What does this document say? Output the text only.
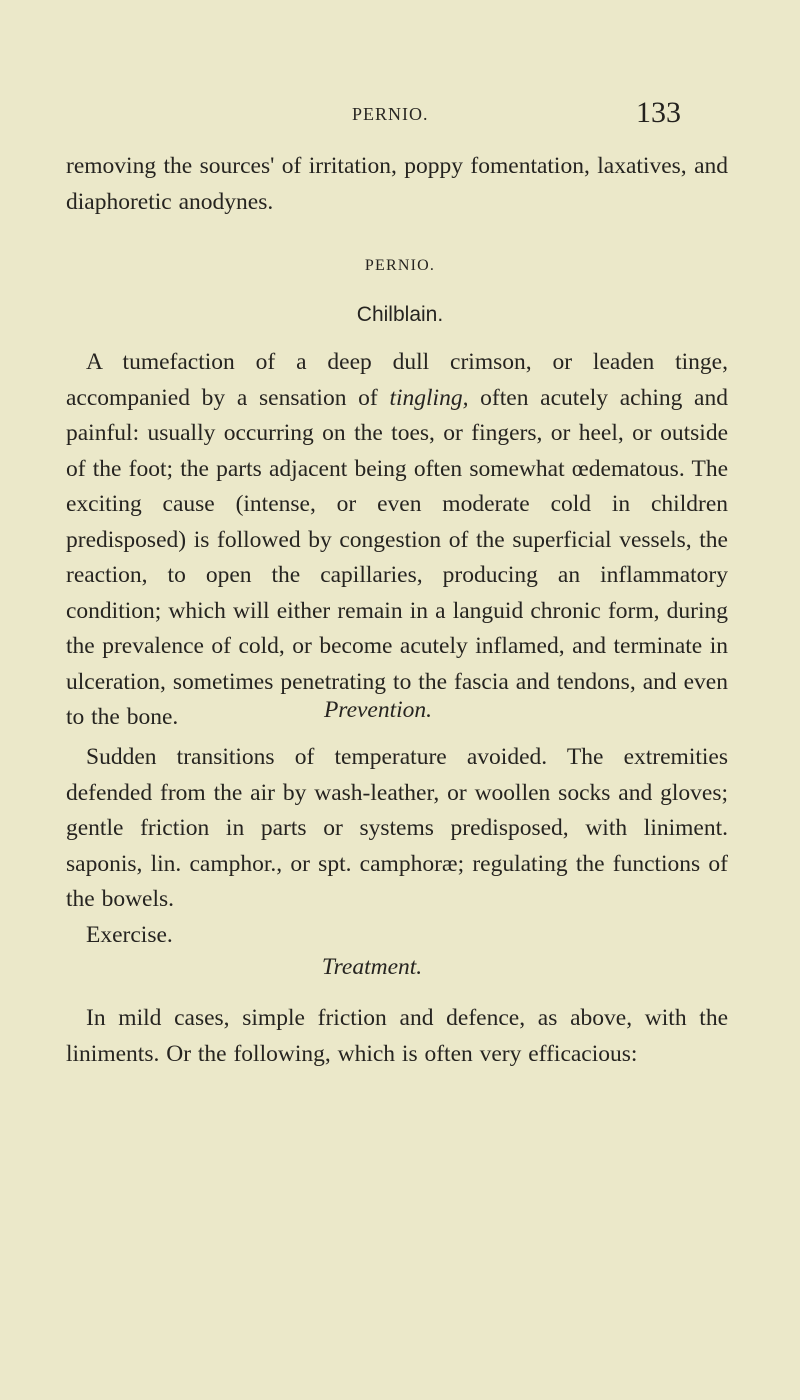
PERNIO.	133
removing the sources' of irritation, poppy fomentation, laxatives, and diaphoretic anodynes.
PERNIO.
Chilblain.
A tumefaction of a deep dull crimson, or leaden tinge, accompanied by a sensation of tingling, often acutely aching and painful: usually occurring on the toes, or fingers, or heel, or outside of the foot; the parts adjacent being often somewhat œdematous. The exciting cause (intense, or even moderate cold in children predisposed) is followed by congestion of the superficial vessels, the reaction, to open the capillaries, producing an inflammatory condition; which will either remain in a languid chronic form, during the prevalence of cold, or become acutely inflamed, and terminate in ulceration, sometimes penetrating to the fascia and tendons, and even to the bone.	Prevention.
Sudden transitions of temperature avoided. The extremities defended from the air by wash-leather, or woollen socks and gloves; gentle friction in parts or systems predisposed, with liniment. saponis, lin. camphor., or spt. camphoræ; regulating the functions of the bowels.
Exercise.
Treatment.
In mild cases, simple friction and defence, as above, with the liniments. Or the following, which is often very efficacious:
